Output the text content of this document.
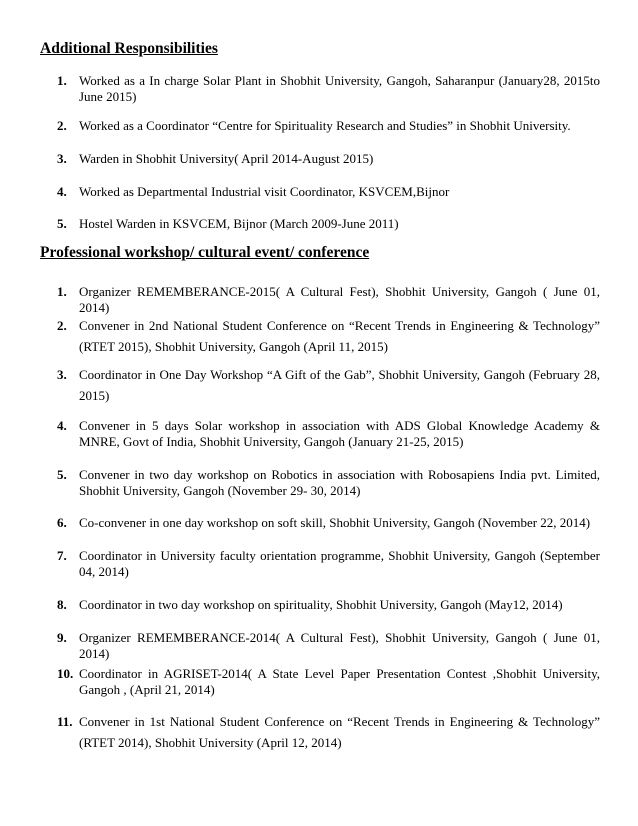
Additional Responsibilities
1. Worked as a In charge Solar Plant in Shobhit University, Gangoh, Saharanpur (January28, 2015to June 2015)
2. Worked as a Coordinator “Centre for Spirituality Research and Studies” in Shobhit University.
3. Warden in Shobhit University( April 2014-August 2015)
4. Worked as Departmental Industrial visit Coordinator, KSVCEM,Bijnor
5. Hostel Warden in KSVCEM, Bijnor (March 2009-June 2011)
Professional workshop/ cultural event/ conference
1. Organizer REMEMBERANCE-2015( A Cultural Fest), Shobhit University, Gangoh ( June 01, 2014)
2. Convener in 2nd National Student Conference on “Recent Trends in Engineering & Technology” (RTET 2015), Shobhit University, Gangoh (April 11, 2015)
3. Coordinator in One Day Workshop “A Gift of the Gab”, Shobhit University, Gangoh (February 28, 2015)
4. Convener in 5 days Solar workshop in association with ADS Global Knowledge Academy & MNRE, Govt of India, Shobhit University, Gangoh (January 21-25, 2015)
5. Convener in two day workshop on Robotics in association with Robosapiens India pvt. Limited, Shobhit University, Gangoh (November 29- 30, 2014)
6. Co-convener in one day workshop on soft skill, Shobhit University, Gangoh (November 22, 2014)
7. Coordinator in University faculty orientation programme, Shobhit University, Gangoh (September 04, 2014)
8. Coordinator in two day workshop on spirituality, Shobhit University, Gangoh (May12, 2014)
9. Organizer REMEMBERANCE-2014( A Cultural Fest), Shobhit University, Gangoh ( June 01, 2014)
10. Coordinator in AGRISET-2014( A State Level Paper Presentation Contest ,Shobhit University, Gangoh , (April 21, 2014)
11. Convener in 1st National Student Conference on “Recent Trends in Engineering & Technology” (RTET 2014), Shobhit University (April 12, 2014)
